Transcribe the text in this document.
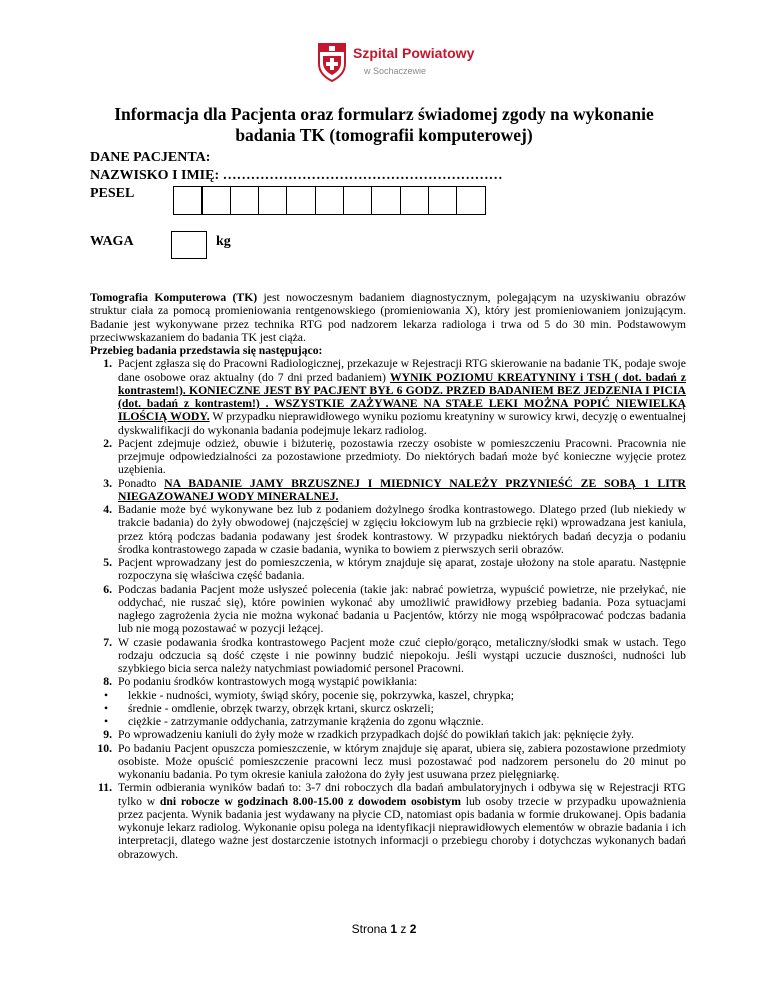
Szpital Powiatowy
w Sochaczewie
Informacja dla Pacjenta oraz formularz świadomej zgody na wykonanie
badania TK (tomografii komputerowej)
DANE PACJENTA:
NAZWISKO I IMIĘ: ……………………………………………………
PESEL
WAGA	kg

Tomografia Komputerowa (TK) jest nowoczesnym badaniem diagnostycznym, polegającym na uzyskiwaniu obrazów struktur ciała za pomocą promieniowania rentgenowskiego (promieniowania X), który jest promieniowaniem jonizującym. Badanie jest wykonywane przez technika RTG pod nadzorem lekarza radiologa i trwa od 5 do 30 min. Podstawowym przeciwwskazaniem do badania TK jest ciąża.

Przebieg badania przedstawia się następująco:

1. Pacjent zgłasza się do Pracowni Radiologicznej, przekazuje w Rejestracji RTG skierowanie na badanie TK, podaje swoje dane osobowe oraz aktualny (do 7 dni przed badaniem) WYNIK POZIOMU KREATYNINY i TSH ( dot. badań z kontrastem!). KONIECZNE JEST BY PACJENT BYŁ 6 GODZ. PRZED BADANIEM BEZ JEDZENIA I PICIA (dot. badań z kontrastem!) . WSZYSTKIE ZAŻYWANE NA STAŁE LEKI MOŻNA POPIĆ NIEWIELKĄ ILOŚCIĄ WODY. W przypadku nieprawidłowego wyniku poziomu kreatyniny w surowicy krwi, decyzję o ewentualnej dyskwalifikacji do wykonania badania podejmuje lekarz radiolog.
2. Pacjent zdejmuje odzież, obuwie i biżuterię, pozostawia rzeczy osobiste w pomieszczeniu Pracowni. Pracownia nie przejmuje odpowiedzialności za pozostawione przedmioty. Do niektórych badań może być konieczne wyjęcie protez uzębienia.
3. Ponadto NA BADANIE JAMY BRZUSZNEJ I MIEDNICY NALEŻY PRZYNIEŚĆ ZE SOBĄ 1 LITR NIEGAZOWANEJ WODY MINERALNEJ.
4. Badanie może być wykonywane bez lub z podaniem dożylnego środka kontrastowego. Dlatego przed (lub niekiedy w trakcie badania) do żyły obwodowej (najczęściej w zgięciu łokciowym lub na grzbiecie ręki) wprowadzana jest kaniula, przez którą podczas badania podawany jest środek kontrastowy. W przypadku niektórych badań decyzja o podaniu środka kontrastowego zapada w czasie badania, wynika to bowiem z pierwszych serii obrazów.
5. Pacjent wprowadzany jest do pomieszczenia, w którym znajduje się aparat, zostaje ułożony na stole aparatu. Następnie rozpoczyna się właściwa część badania.
6. Podczas badania Pacjent może usłyszeć polecenia (takie jak: nabrać powietrza, wypuścić powietrze, nie przełykać, nie oddychać, nie ruszać się), które powinien wykonać aby umożliwić prawidłowy przebieg badania. Poza sytuacjami nagłego zagrożenia życia nie można wykonać badania u Pacjentów, którzy nie mogą współpracować podczas badania lub nie mogą pozostawać w pozycji leżącej.
7. W czasie podawania środka kontrastowego Pacjent może czuć ciepło/gorąco, metaliczny/słodki smak w ustach. Tego rodzaju odczucia są dość częste i nie powinny budzić niepokoju. Jeśli wystąpi uczucie duszności, nudności lub szybkiego bicia serca należy natychmiast powiadomić personel Pracowni.
8. Po podaniu środków kontrastowych mogą wystąpić powikłania:
• lekkie - nudności, wymioty, świąd skóry, pocenie się, pokrzywka, kaszel, chrypka;
• średnie - omdlenie, obrzęk twarzy, obrzęk krtani, skurcz oskrzeli;
• ciężkie - zatrzymanie oddychania, zatrzymanie krążenia do zgonu włącznie.
9. Po wprowadzeniu kaniuli do żyły może w rzadkich przypadkach dojść do powikłań takich jak: pęknięcie żyły.
10. Po badaniu Pacjent opuszcza pomieszczenie, w którym znajduje się aparat, ubiera się, zabiera pozostawione przedmioty osobiste. Może opuścić pomieszczenie pracowni lecz musi pozostawać pod nadzorem personelu do 20 minut po wykonaniu badania. Po tym okresie kaniula założona do żyły jest usuwana przez pielęgniarkę.
11. Termin odbierania wyników badań to: 3-7 dni roboczych dla badań ambulatoryjnych i odbywa się w Rejestracji RTG tylko w dni robocze w godzinach 8.00-15.00 z dowodem osobistym lub osoby trzecie w przypadku upoważnienia przez pacjenta. Wynik badania jest wydawany na płycie CD, natomiast opis badania w formie drukowanej. Opis badania wykonuje lekarz radiolog. Wykonanie opisu polega na identyfikacji nieprawidłowych elementów w obrazie badania i ich interpretacji, dlatego ważne jest dostarczenie istotnych informacji o przebiegu choroby i dotychczas wykonanych badań obrazowych.
Strona 1 z 2
